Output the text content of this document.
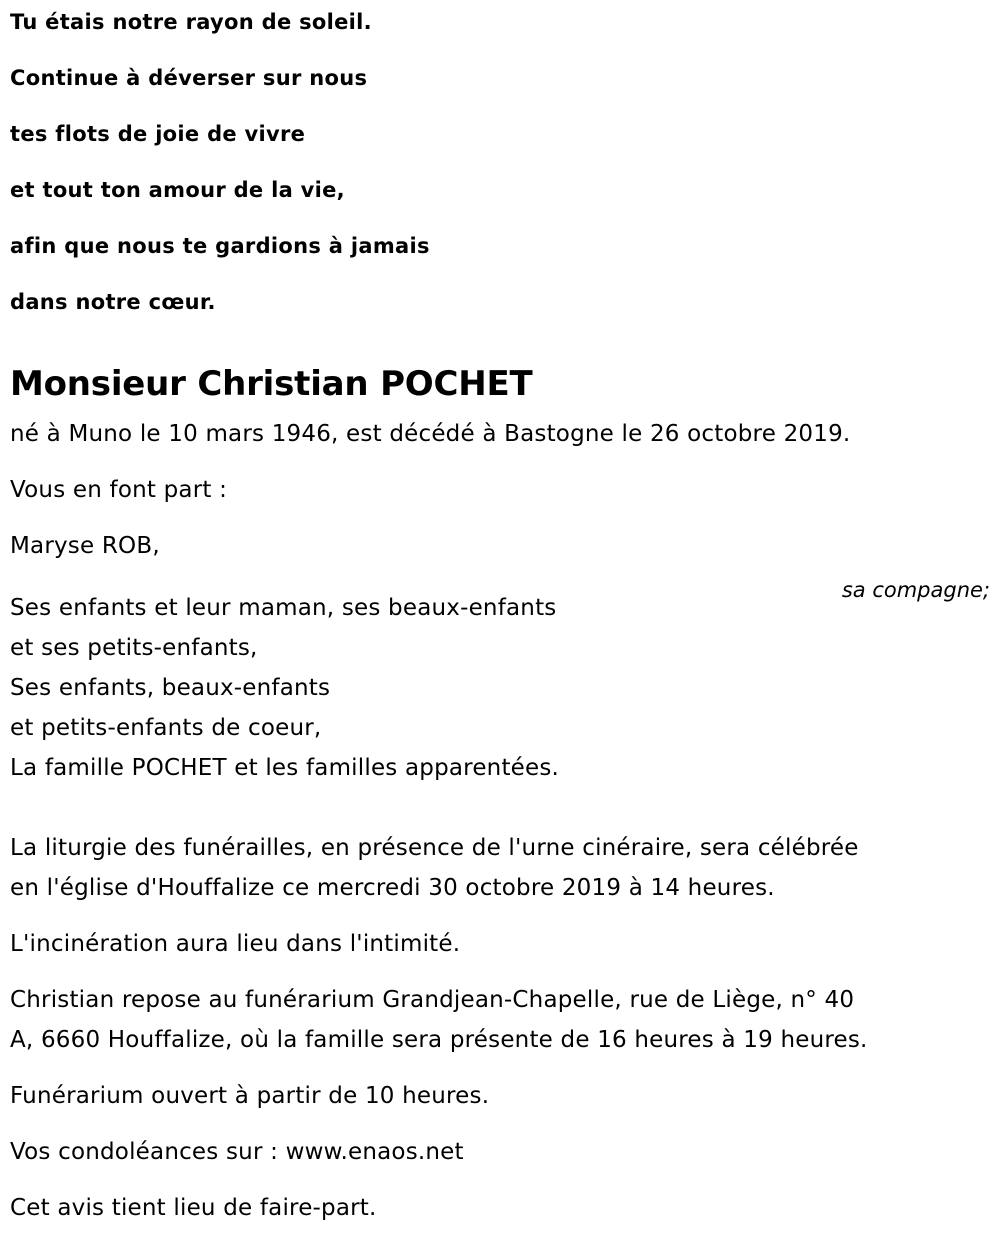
Tu étais notre rayon de soleil.

Continue à déverser sur nous

tes flots de joie de vivre

et tout ton amour de la vie,

afin que nous te gardions à jamais

dans notre cœur.

Monsieur Christian POCHET

né à Muno le 10 mars 1946, est décédé à Bastogne le 26 octobre 2019.

Vous en font part :

Maryse ROB,

sa compagne;

Ses enfants et leur maman, ses beaux-enfants

et ses petits-enfants,

Ses enfants, beaux-enfants

et petits-enfants de coeur,

La famille POCHET et les familles apparentées.

La liturgie des funérailles, en présence de l'urne cinéraire, sera célébrée

en l'église d'Houffalize ce mercredi 30 octobre 2019 à 14 heures.

L'incinération aura lieu dans l'intimité.

Christian repose au funérarium Grandjean-Chapelle, rue de Liège, n° 40

A, 6660 Houffalize, où la famille sera présente de 16 heures à 19 heures.

Funérarium ouvert à partir de 10 heures.

Vos condoléances sur : www.enaos.net

Cet avis tient lieu de faire-part.
